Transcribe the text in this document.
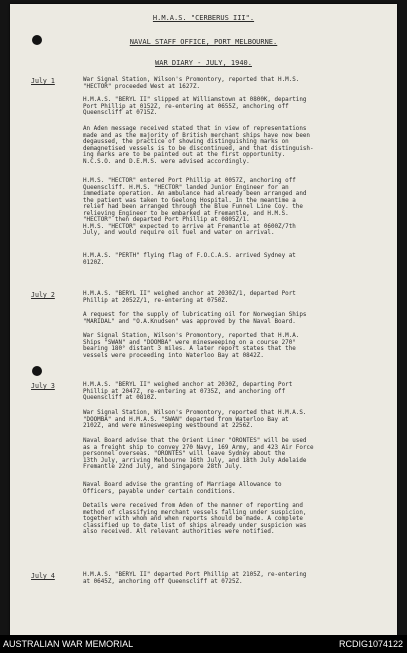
H.M.A.S. "CERBERUS III".
NAVAL STAFF OFFICE, PORT MELBOURNE.
WAR DIARY - JULY, 1940.
July 1	War Signal Station, Wilson's Promontory, reported that H.M.S.
"HECTOR" proceeded West at 1627Z.

H.M.A.S. "BERYL II" slipped at Williamstown at 0800K, departing
Port Phillip at 0152Z, re-entering at 0655Z, anchoring off
Queenscliff at 0715Z.

An Aden message received stated that in view of representations
made and as the majority of British merchant ships have now been
degaussed, the practice of showing distinguishing marks on
demagnetised vessels is to be discontinued, and that distinguish-
ing marks are to be painted out at the first opportunity.
N.C.S.O. and D.E.M.S. were advised accordingly.

H.M.S. "HECTOR" entered Port Phillip at 0057Z, anchoring off
Queenscliff. H.M.S. "HECTOR" landed Junior Engineer for an
immediate operation. An ambulance had already been arranged and
the patient was taken to Geelong Hospital. In the meantime a
relief had been arranged through the Blue Funnel Line Coy. the
relieving Engineer to be embarked at Fremantle, and H.M.S.
"HECTOR" then departed Port Phillip at 0805Z/1.
H.M.S. "HECTOR" expected to arrive at Fremantle at 0600Z/7th
July, and would require oil fuel and water on arrival.

H.M.A.S. "PERTH" flying flag of F.O.C.A.S. arrived Sydney at
0120Z.

July 2	H.M.A.S. "BERYL II" weighed anchor at 2030Z/1, departed Port
Phillip at 2052Z/1, re-entering at 0750Z.

A request for the supply of lubricating oil for Norwegian Ships
"MARIDAL" and "O.A.Knudsen" was approved by the Naval Board.

War Signal Station, Wilson's Promontory, reported that H.M.A.
Ships "SWAN" and "DOOMBA" were minesweeping on a course 270°
bearing 180° distant 3 miles. A later report states that the
vessels were proceeding into Waterloo Bay at 0842Z.

July 3	H.M.A.S. "BERYL II" weighed anchor at 2030Z, departing Port
Phillip at 2047Z, re-entering at 0735Z, and anchoring off
Queenscliff at 0810Z.

War Signal Station, Wilson's Promontory, reported that H.M.A.S.
"DOOMBA" and H.M.A.S. "SWAN" departed from Waterloo Bay at
2102Z, and were minesweeping westbound at 2256Z.

Naval Board advise that the Orient Liner "ORONTES" will be used
as a freight ship to convey 270 Navy, 169 Army, and 423 Air Force
personnel overseas. "ORONTES" will leave Sydney about the
13th July, arriving Melbourne 16th July, and 18th July Adelaide
Fremantle 22nd July, and Singapore 28th July.

Naval Board advise the granting of Marriage Allowance to
Officers, payable under certain conditions.

Details were received from Aden of the manner of reporting and
method of classifying merchant vessels falling under suspicion,
together with whom and when reports should be made. A complete
classified up to date list of ships already under suspicion was
also received. All relevant authorities were notified.

July 4	H.M.A.S. "BERYL II" departed Port Phillip at 2105Z, re-entering
at 0645Z, anchoring off Queenscliff at 0725Z.

AUSTRALIAN WAR MEMORIAL	RCDIG1074122
